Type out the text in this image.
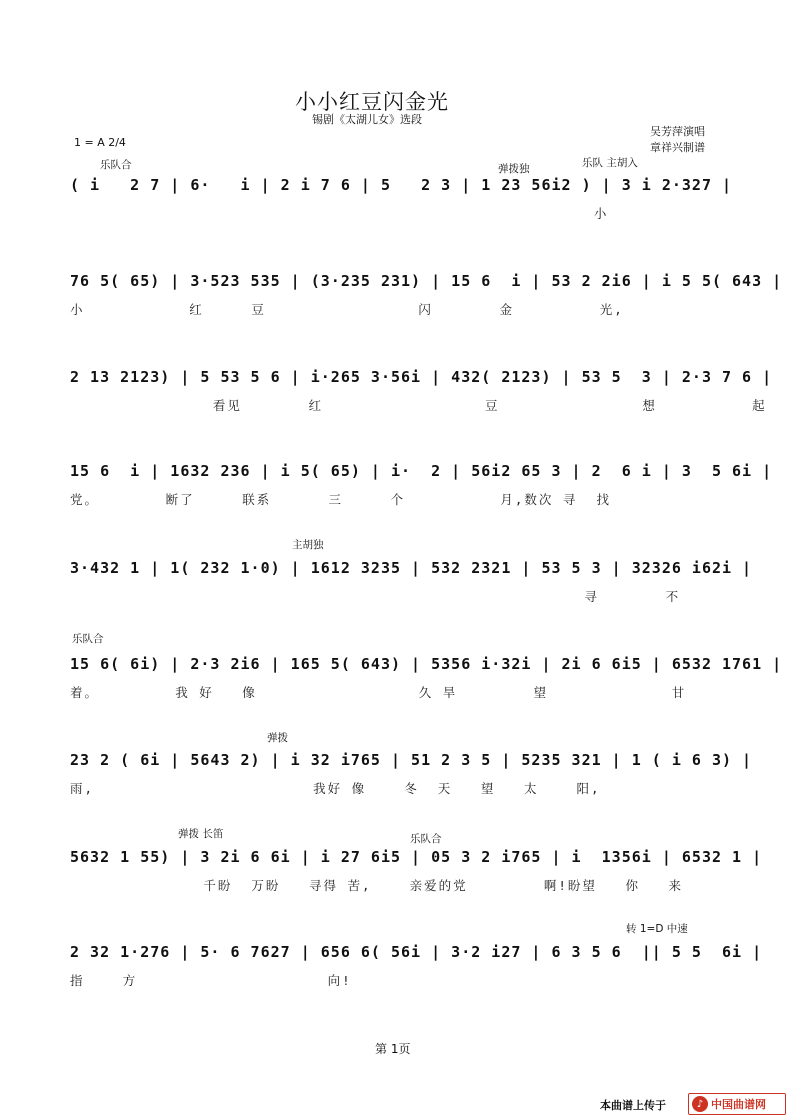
小小红豆闪金光
锡剧《太湖儿女》选段
1 = A 2/4
吴芳萍演唱
章祥兴制谱
乐队合	弹拨独	乐队 主胡入
主胡独
乐队合
弹拨
弹拨 长笛	乐队合
转 1=D 中速
( i   2 7 | 6·   i | 2 i 7 6 | 5   2 3 | 1 23 56i2 ) | 3 i 2·327 |
小
76 5( 65) | 3·523 535 | (3·235 231) | 15 6  i | 53 2 2i6 | i 5 5( 643 |
小           红     豆                闪       金         光,
2 13 2123) | 5 53 5 6 | i·265 3·56i | 432( 2123) | 53 5  3 | 2·3 7 6 |
看见       红                 豆               想          起
15 6  i | 1632 236 | i 5( 65) | i·  2 | 56i2 65 3 | 2  6 i | 3  5 6i |
党。       断了     联系      三     个          月,数次 寻  找
3·432 1 | 1( 232 1·0) | 1612 3235 | 532 2321 | 53 5 3 | 32326 i62i |
寻       不
15 6( 6i) | 2·3 2i6 | 165 5( 643) | 5356 i·32i | 2i 6 6i5 | 6532 1761 |
着。        我 好   像                 久 旱        望             甘
23 2 ( 6i | 5643 2) | i 32 i765 | 51 2 3 5 | 5235 321 | 1 ( i 6 3) |
雨,                       我好 像    冬  天   望   太    阳,
5632 1 55) | 3 2i 6 6i | i 27 6i5 | 05 3 2 i765 | i  1356i | 6532 1 |
千盼  万盼   寻得 苦,    亲爱的党        啊!盼望   你   来
2 32 1·276 | 5· 6 7627 | 656 6( 56i | 3·2 i27 | 6 3 5 6  || 5 5  6i |
指    方                    向!
第 1页
本曲谱上传于	♪ 中国曲谱网
